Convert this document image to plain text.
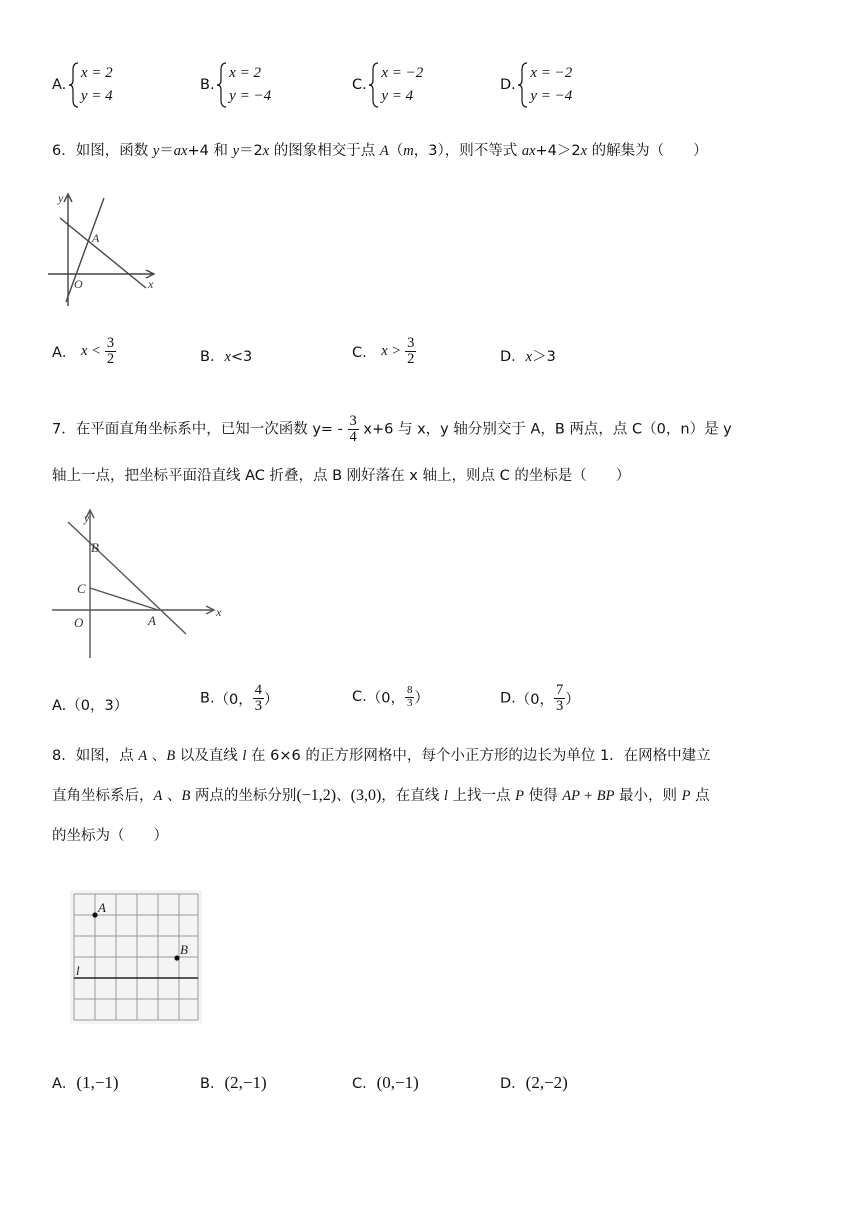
A.
x = 2
y = 4
B.
x = 2
y = −4
C.
x = −2
y = 4
D.
x = −2
y = −4
6．如图，函数 y＝ax+4 和 y＝2x 的图象相交于点 A（m，3），则不等式 ax+4＞2x 的解集为（　　）
y
x
A
O
A． $x < \frac{3}{2}$	B．x<3	C． $x > \frac{3}{2}$	D．x＞3
7．在平面直角坐标系中，已知一次函数 $y= - \frac{3}{4} x+6$ 与 x，y 轴分别交于 A，B 两点，点 C（0，n）是 y
轴上一点，把坐标平面沿直线 AC 折叠，点 B 刚好落在 x 轴上，则点 C 的坐标是（　　）
y
x
B
C
O	A
A.（0，3）	B.（0， $\frac{4}{3}$ ）	C.（0， $\frac{8}{3}$ ）	D.（0， $\frac{7}{3}$ ）
8．如图，点 A 、B 以及直线 l 在 6×6 的正方形网格中，每个小正方形的边长为单位 1．在网格中建立
直角坐标系后，A 、B 两点的坐标分别(−1,2)、(3,0)，在直线 l 上找一点 P 使得 AP + BP 最小，则 P 点
的坐标为（　　）
A
B
l
A．(1,−1)	B．(2,−1)	C．(0,−1)	D．(2,−2)
